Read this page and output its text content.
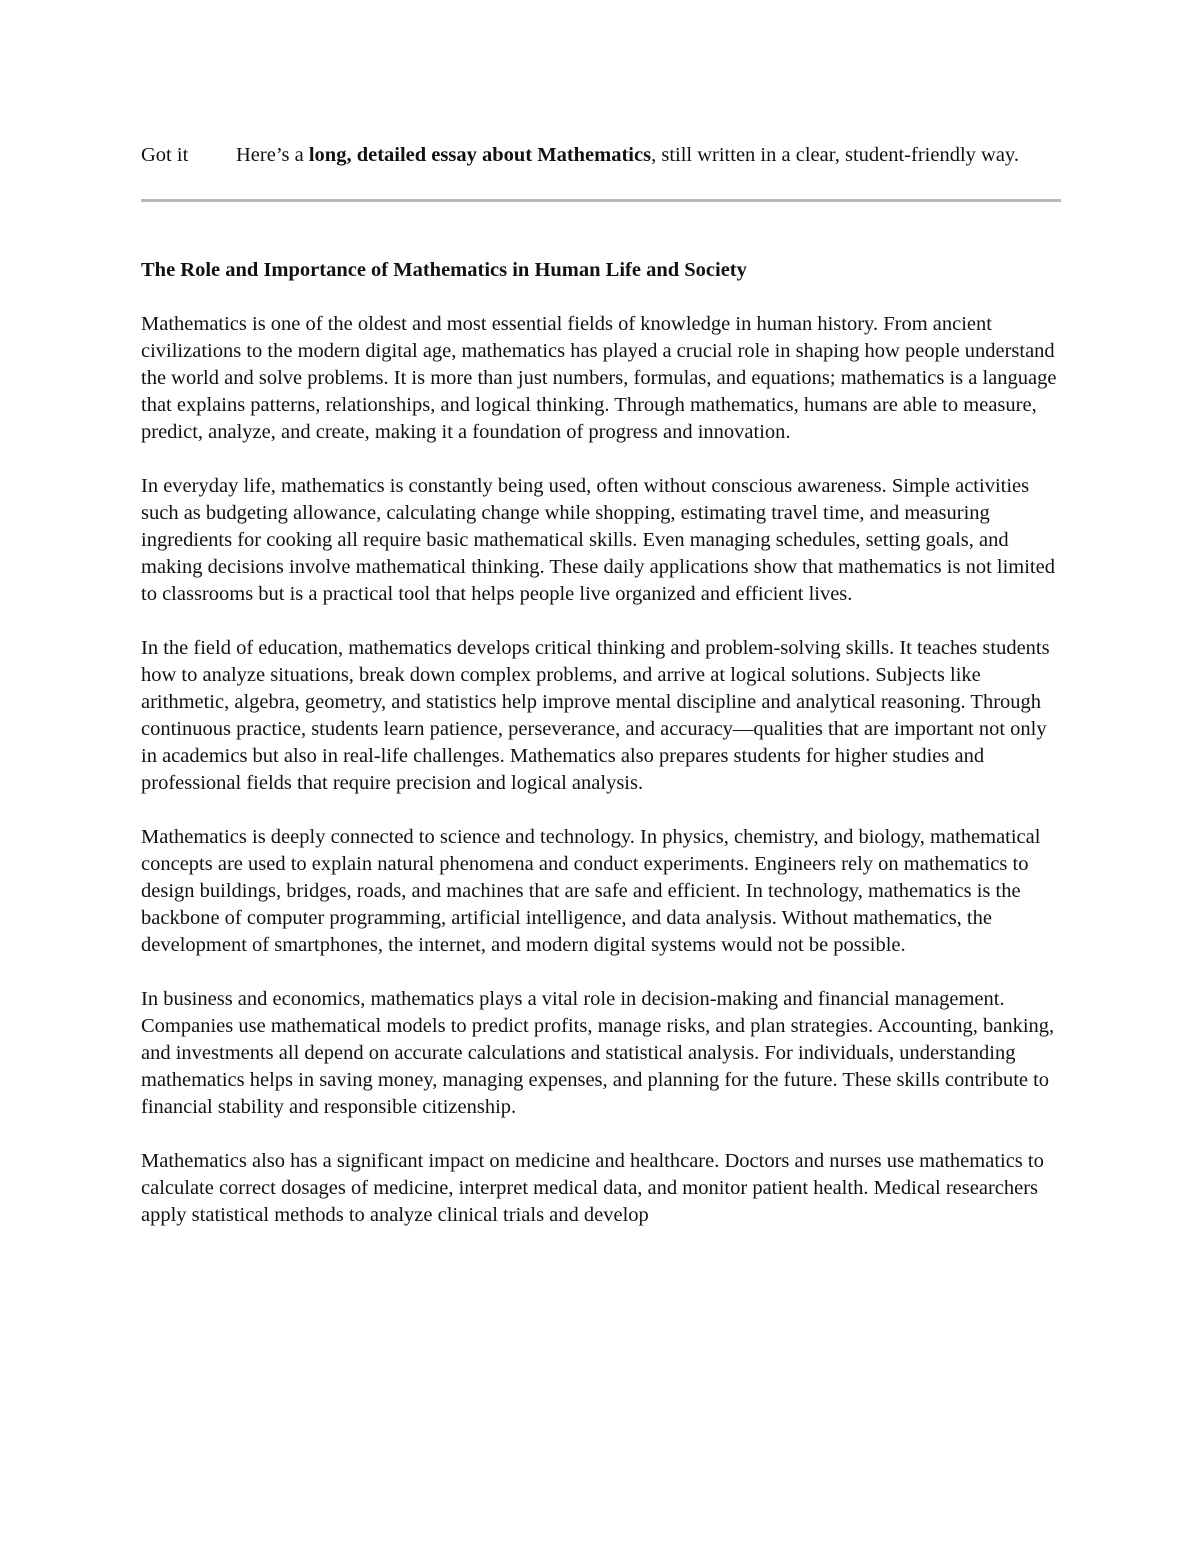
Got it Here’s a long, detailed essay about Mathematics, still written in a clear, student-friendly way.

The Role and Importance of Mathematics in Human Life and Society

Mathematics is one of the oldest and most essential fields of knowledge in human history. From ancient civilizations to the modern digital age, mathematics has played a crucial role in shaping how people understand the world and solve problems. It is more than just numbers, formulas, and equations; mathematics is a language that explains patterns, relationships, and logical thinking. Through mathematics, humans are able to measure, predict, analyze, and create, making it a foundation of progress and innovation.

In everyday life, mathematics is constantly being used, often without conscious awareness. Simple activities such as budgeting allowance, calculating change while shopping, estimating travel time, and measuring ingredients for cooking all require basic mathematical skills. Even managing schedules, setting goals, and making decisions involve mathematical thinking. These daily applications show that mathematics is not limited to classrooms but is a practical tool that helps people live organized and efficient lives.

In the field of education, mathematics develops critical thinking and problem-solving skills. It teaches students how to analyze situations, break down complex problems, and arrive at logical solutions. Subjects like arithmetic, algebra, geometry, and statistics help improve mental discipline and analytical reasoning. Through continuous practice, students learn patience, perseverance, and accuracy—qualities that are important not only in academics but also in real-life challenges. Mathematics also prepares students for higher studies and professional fields that require precision and logical analysis.

Mathematics is deeply connected to science and technology. In physics, chemistry, and biology, mathematical concepts are used to explain natural phenomena and conduct experiments. Engineers rely on mathematics to design buildings, bridges, roads, and machines that are safe and efficient. In technology, mathematics is the backbone of computer programming, artificial intelligence, and data analysis. Without mathematics, the development of smartphones, the internet, and modern digital systems would not be possible.

In business and economics, mathematics plays a vital role in decision-making and financial management. Companies use mathematical models to predict profits, manage risks, and plan strategies. Accounting, banking, and investments all depend on accurate calculations and statistical analysis. For individuals, understanding mathematics helps in saving money, managing expenses, and planning for the future. These skills contribute to financial stability and responsible citizenship.

Mathematics also has a significant impact on medicine and healthcare. Doctors and nurses use mathematics to calculate correct dosages of medicine, interpret medical data, and monitor patient health. Medical researchers apply statistical methods to analyze clinical trials and develop
